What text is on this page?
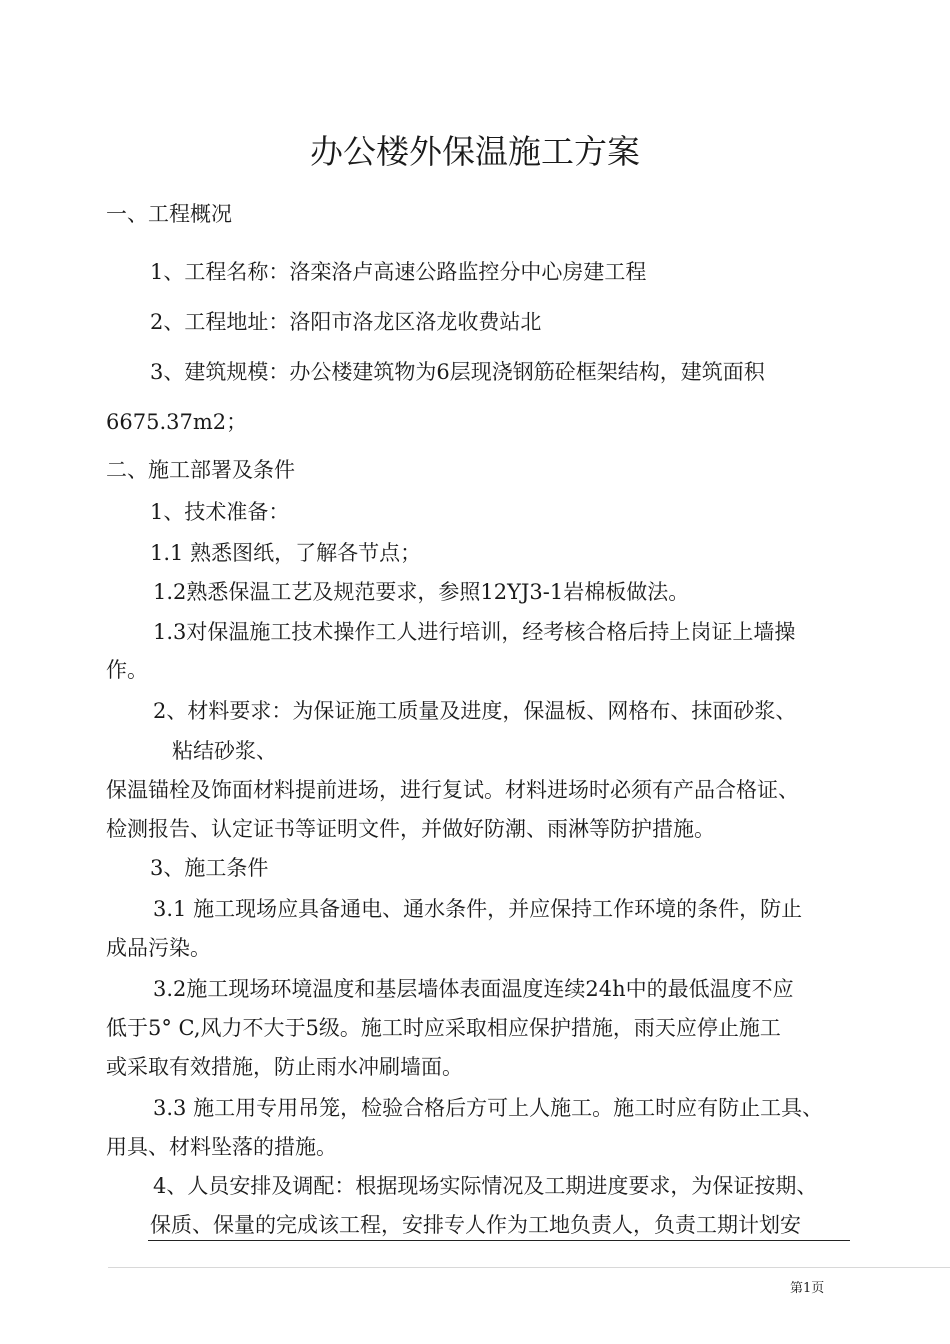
办公楼外保温施工方案
一、工程概况
1、工程名称：洛栾洛卢高速公路监控分中心房建工程
2、工程地址：洛阳市洛龙区洛龙收费站北
3、建筑规模：办公楼建筑物为6层现浇钢筋砼框架结构，建筑面积
6675.37m2；
二、施工部署及条件
1、技术准备：
1.1 熟悉图纸，了解各节点；
1.2熟悉保温工艺及规范要求，参照12YJ3-1岩棉板做法。
1.3对保温施工技术操作工人进行培训，经考核合格后持上岗证上墙操
作。
2、材料要求：为保证施工质量及进度，保温板、网格布、抹面砂浆、
粘结砂浆、
保温锚栓及饰面材料提前进场，进行复试。材料进场时必须有产品合格证、
检测报告、认定证书等证明文件，并做好防潮、雨淋等防护措施。
3、施工条件
3.1 施工现场应具备通电、通水条件，并应保持工作环境的条件，防止
成品污染。
3.2施工现场环境温度和基层墙体表面温度连续24h中的最低温度不应
低于5° C,风力不大于5级。施工时应采取相应保护措施，雨天应停止施工
或采取有效措施，防止雨水冲刷墙面。
3.3 施工用专用吊笼，检验合格后方可上人施工。施工时应有防止工具、
用具、材料坠落的措施。
4、人员安排及调配：根据现场实际情况及工期进度要求，为保证按期、
保质、保量的完成该工程，安排专人作为工地负责人，负责工期计划安
第1页
